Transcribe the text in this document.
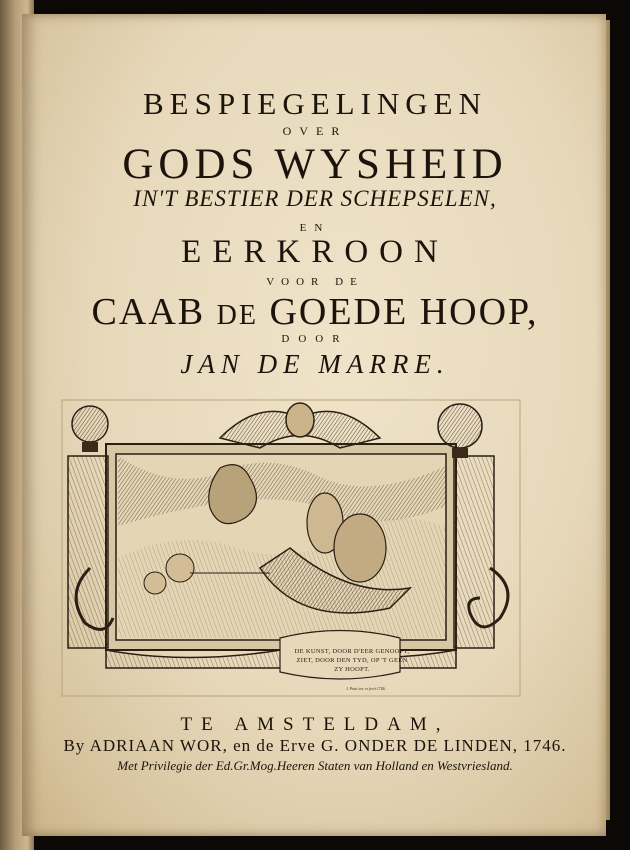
BESPIEGELINGEN
OVER
GODS WYSHEID
IN'T BESTIER DER SCHEPSELEN,
EN
EERKROON
VOOR DE
CAAB DE GOEDE HOOP,
DOOR
JAN DE MARRE.
DE KUNST, DOOR D'EER GENOOPT,
ZIET, DOOR DEN TYD, OP 'T GEEN ZY HOOPT.
J. Punt inv. et fecit 1746.
TE AMSTELDAM,
By ADRIAAN WOR, en de Erve G. ONDER DE LINDEN, 1746.
Met Privilegie der Ed.Gr.Mog.Heeren Staten van Holland en Westvriesland.
